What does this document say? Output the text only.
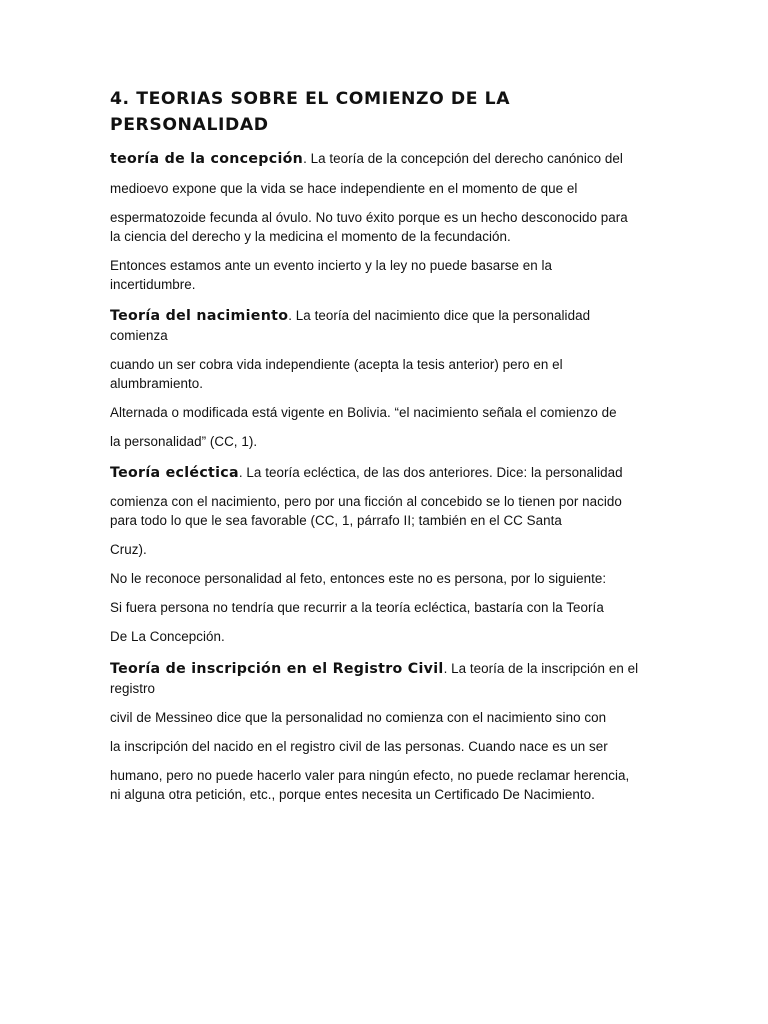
4. TEORIAS SOBRE EL COMIENZO DE LA
PERSONALIDAD
teoría de la concepción. La teoría de la concepción del derecho canónico del
medioevo expone que la vida se hace independiente en el momento de que el
espermatozoide fecunda al óvulo. No tuvo éxito porque es un hecho desconocido para
la ciencia del derecho y la medicina el momento de la fecundación.
Entonces estamos ante un evento incierto y la ley no puede basarse en la
incertidumbre.
Teoría del nacimiento. La teoría del nacimiento dice que la personalidad
comienza
cuando un ser cobra vida independiente (acepta la tesis anterior) pero en el
alumbramiento.
Alternada o modificada está vigente en Bolivia. “el nacimiento señala el comienzo de
la personalidad” (CC, 1).
Teoría ecléctica. La teoría ecléctica, de las dos anteriores. Dice: la personalidad
comienza con el nacimiento, pero por una ficción al concebido se lo tienen por nacido
para todo lo que le sea favorable (CC, 1, párrafo II; también en el CC Santa
Cruz).
No le reconoce personalidad al feto, entonces este no es persona, por lo siguiente:
Si fuera persona no tendría que recurrir a la teoría ecléctica, bastaría con la Teoría
De La Concepción.
Teoría de inscripción en el Registro Civil. La teoría de la inscripción en el
registro
civil de Messineo dice que la personalidad no comienza con el nacimiento sino con
la inscripción del nacido en el registro civil de las personas. Cuando nace es un ser
humano, pero no puede hacerlo valer para ningún efecto, no puede reclamar herencia,
ni alguna otra petición, etc., porque entes necesita un Certificado De Nacimiento.
